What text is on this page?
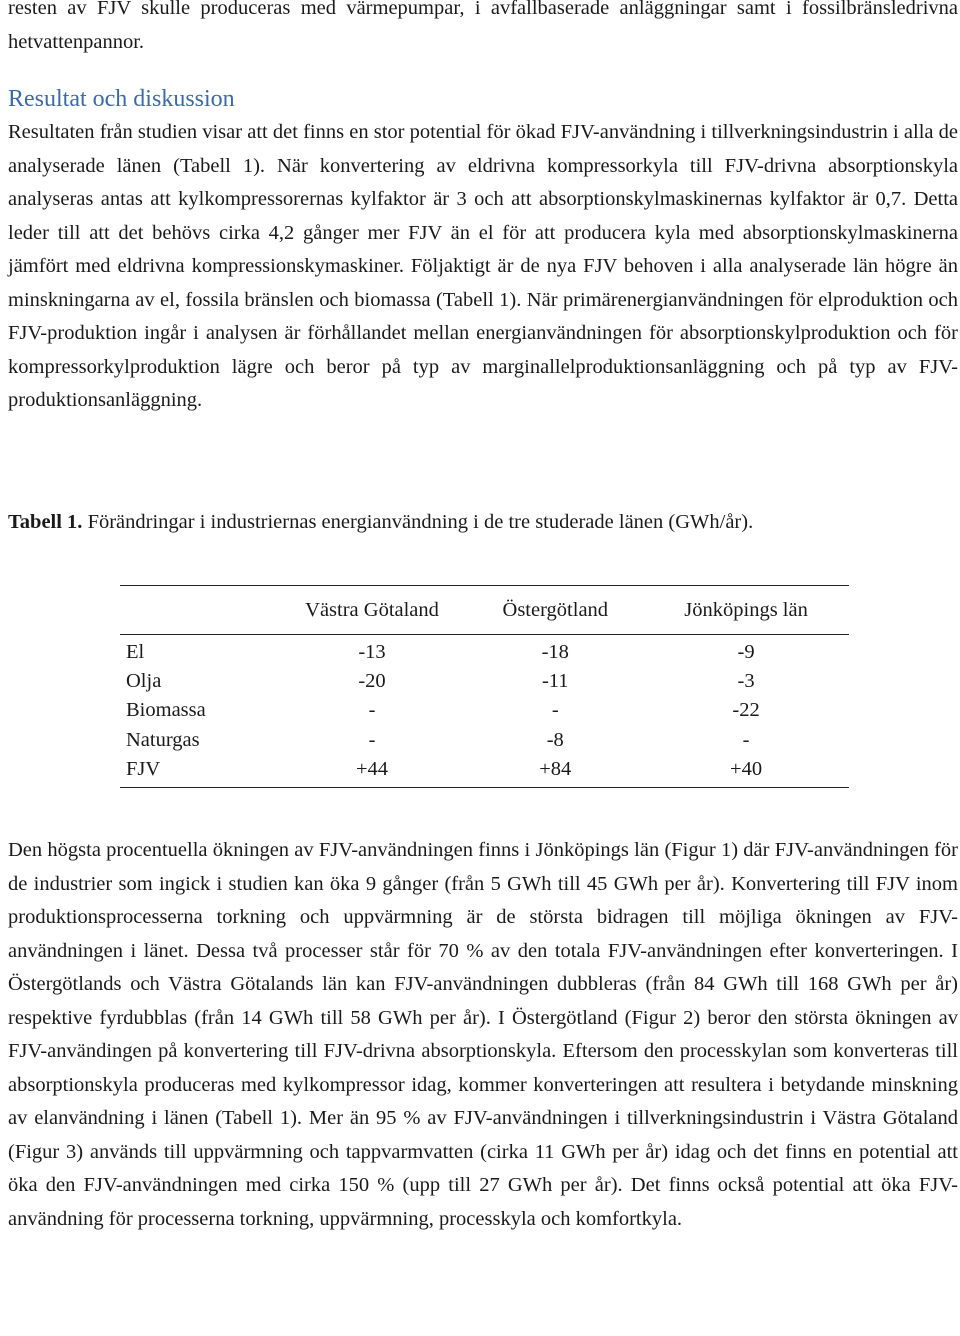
resten av FJV skulle produceras med värmepumpar, i avfallbaserade anläggningar samt i fossilbränsledrivna hetvattenpannor.

Resultat och diskussion

Resultaten från studien visar att det finns en stor potential för ökad FJV-användning i tillverkningsindustrin i alla de analyserade länen (Tabell 1). När konvertering av eldrivna kompressorkyla till FJV-drivna absorptionskyla analyseras antas att kylkompressorernas kylfaktor är 3 och att absorptionskylmaskinernas kylfaktor är 0,7. Detta leder till att det behövs cirka 4,2 gånger mer FJV än el för att producera kyla med absorptionskylmaskinerna jämfört med eldrivna kompressionskymaskiner. Följaktigt är de nya FJV behoven i alla analyserade län högre än minskningarna av el, fossila bränslen och biomassa (Tabell 1). När primärenergianvändningen för elproduktion och FJV-produktion ingår i analysen är förhållandet mellan energianvändningen för absorptionskylproduktion och för kompressorkylproduktion lägre och beror på typ av marginallelproduktionsanläggning och på typ av FJV-produktionsanläggning.

Tabell 1. Förändringar i industriernas energianvändning i de tre studerade länen (GWh/år).

	Västra Götaland	Östergötland	Jönköpings län
El	-13	-18	-9
Olja	-20	-11	-3
Biomassa	-	-	-22
Naturgas	-	-8	-
FJV	+44	+84	+40

Den högsta procentuella ökningen av FJV-användningen finns i Jönköpings län (Figur 1) där FJV-användningen för de industrier som ingick i studien kan öka 9 gånger (från 5 GWh till 45 GWh per år). Konvertering till FJV inom produktionsprocesserna torkning och uppvärmning är de största bidragen till möjliga ökningen av FJV-användningen i länet. Dessa två processer står för 70 % av den totala FJV-användningen efter konverteringen. I Östergötlands och Västra Götalands län kan FJV-användningen dubbleras (från 84 GWh till 168 GWh per år) respektive fyrdubblas (från 14 GWh till 58 GWh per år). I Östergötland (Figur 2) beror den största ökningen av FJV-användingen på konvertering till FJV-drivna absorptionskyla. Eftersom den processkylan som konverteras till absorptionskyla produceras med kylkompressor idag, kommer konverteringen att resultera i betydande minskning av elanvändning i länen (Tabell 1). Mer än 95 % av FJV-användningen i tillverkningsindustrin i Västra Götaland (Figur 3) används till uppvärmning och tappvarmvatten (cirka 11 GWh per år) idag och det finns en potential att öka den FJV-användningen med cirka 150 % (upp till 27 GWh per år). Det finns också potential att öka FJV-användning för processerna torkning, uppvärmning, processkyla och komfortkyla.
